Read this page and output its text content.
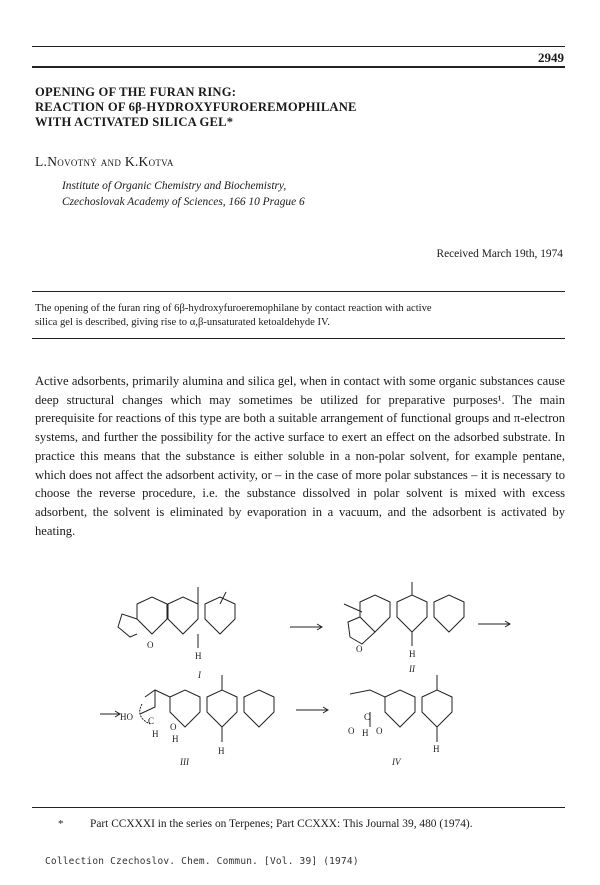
2949
OPENING OF THE FURAN RING:
REACTION OF 6β-HYDROXYFUROEREMOPHILANE
WITH ACTIVATED SILICA GEL*
L.Novotný and K.Kotva
Institute of Organic Chemistry and Biochemistry,
Czechoslovak Academy of Sciences, 166 10 Prague 6
Received March 19th, 1974
The opening of the furan ring of 6β-hydroxyfuroeremophilane by contact reaction with active
silica gel is described, giving rise to α,β-unsaturated ketoaldehyde IV.

Active adsorbents, primarily alumina and silica gel, when in contact with some organic substances cause deep structural changes which may sometimes be utilized for preparative purposes¹. The main prerequisite for reactions of this type are both a suitable arrangement of functional groups and π-electron systems, and further the possibility for the active surface to exert an effect on the adsorbed substrate. In practice this means that the substance is either soluble in a non-polar solvent, for example pentane, which does not affect the adsorbent activity, or – in the case of more polar substances – it is necessary to choose the reverse procedure, i.e. the substance dissolved in polar solvent is mixed with excess adsorbent, the solvent is eliminated by evaporation in a vacuum, and the adsorbent is activated by heating.

O
H
O	H
HO C
O
H H
H
C
O H O
H
I
II
III	IV
* Part CCXXXI in the series on Terpenes; Part CCXXX: This Journal 39, 480 (1974).
Collection Czechoslov. Chem. Commun. [Vol. 39] (1974)
